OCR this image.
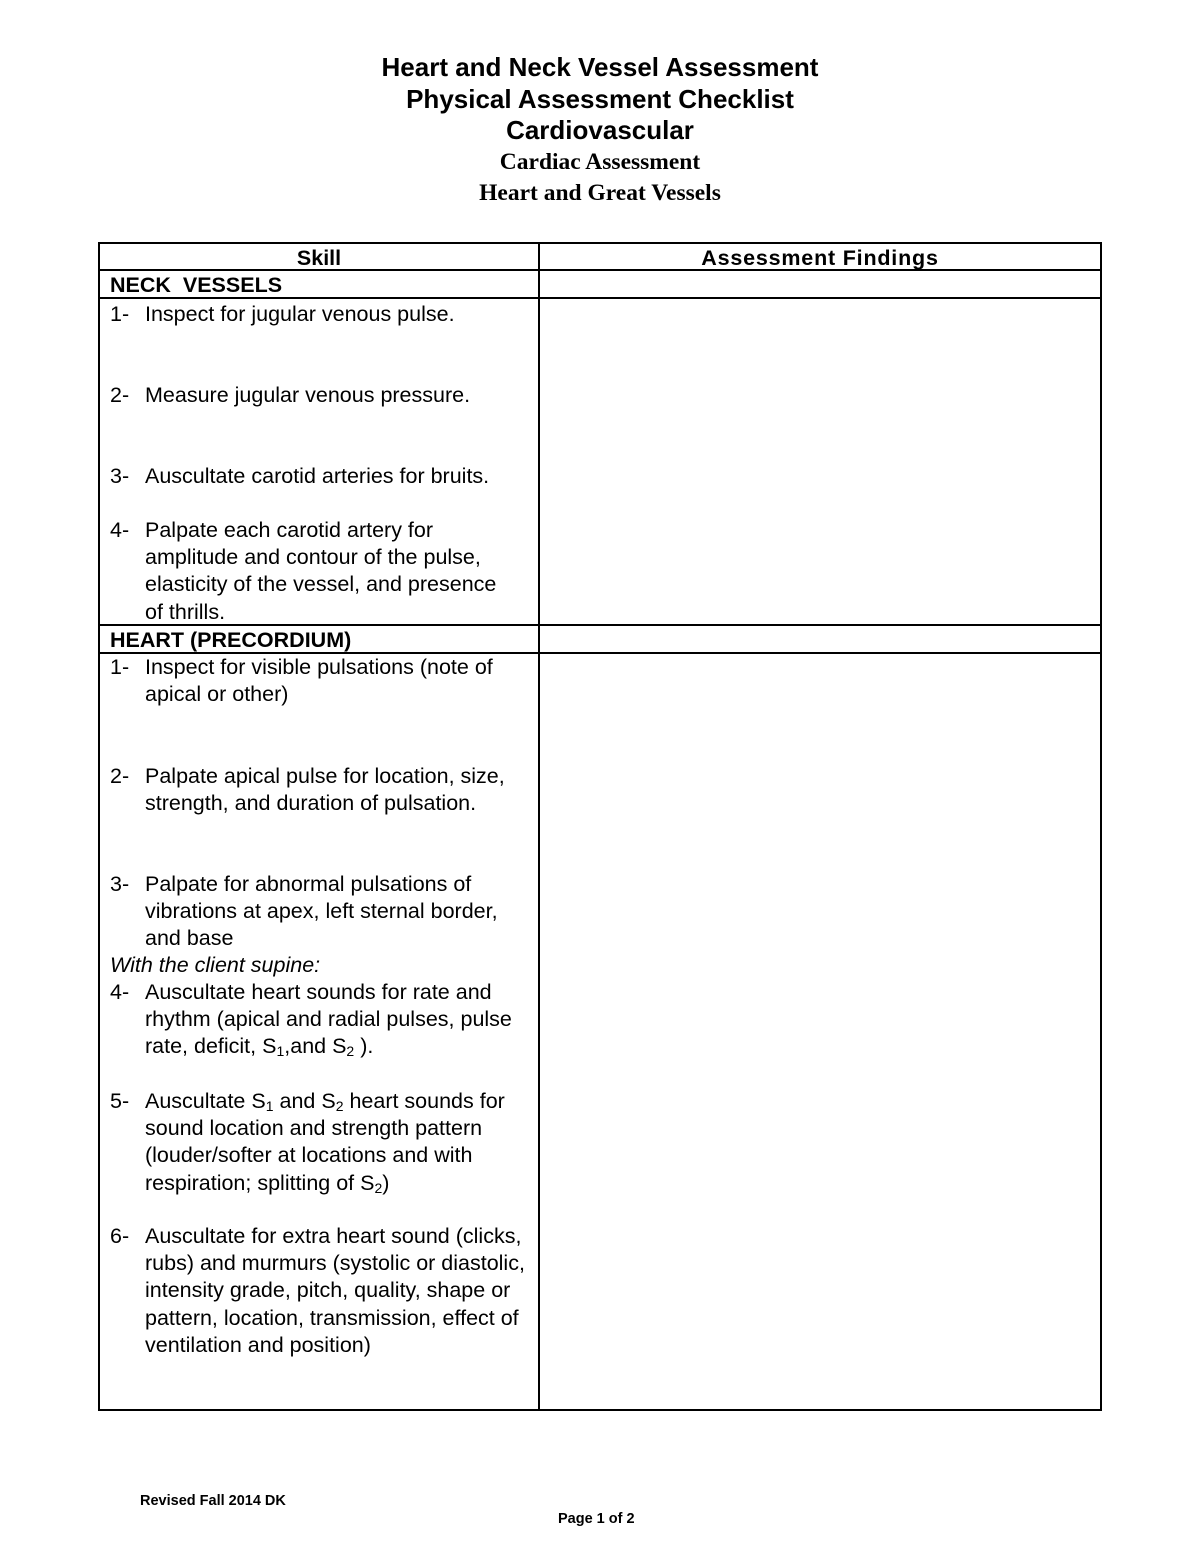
Heart and Neck Vessel Assessment
Physical Assessment Checklist
Cardiovascular
Cardiac Assessment
Heart and Great Vessels
Skill	Assessment Findings
NECK  VESSELS
1- Inspect for jugular venous pulse.
2- Measure jugular venous pressure.
3- Auscultate carotid arteries for bruits.
4- Palpate each carotid artery for amplitude and contour of the pulse, elasticity of the vessel, and presence of thrills.
HEART (PRECORDIUM)
1- Inspect for visible pulsations (note of apical or other)
2- Palpate apical pulse for location, size, strength, and duration of pulsation.
3- Palpate for abnormal pulsations of vibrations at apex, left sternal border, and base
With the client supine:
4- Auscultate heart sounds for rate and rhythm (apical and radial pulses, pulse rate, deficit, $S_1,and$ $S_2$ ).
5- Auscultate $S_1$ and $S_2$ heart sounds for sound location and strength pattern (louder/softer at locations and with respiration; splitting of $S_2$)
6- Auscultate for extra heart sound (clicks, rubs) and murmurs (systolic or diastolic, intensity grade, pitch, quality, shape or pattern, location, transmission, effect of ventilation and position)
Revised Fall 2014 DK
Page 1 of 2
